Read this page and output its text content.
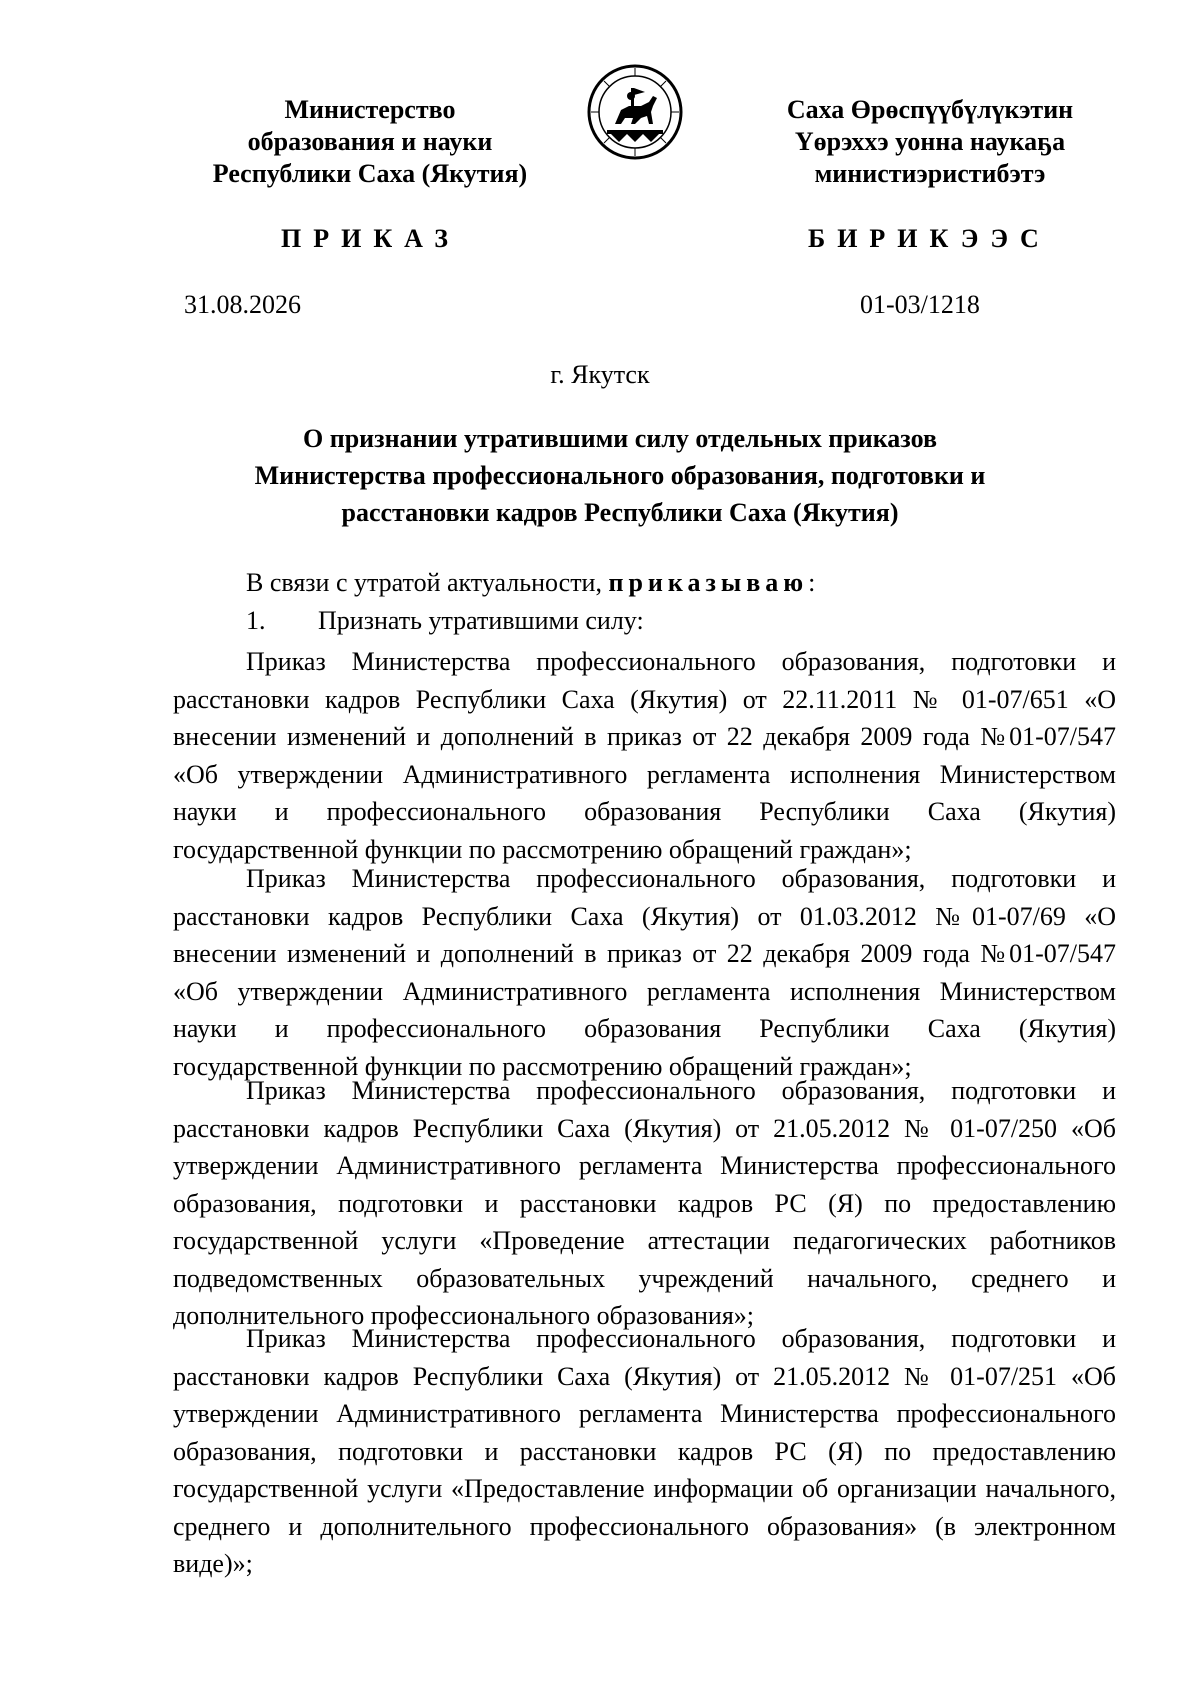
Министерство
образования и науки
Республики Саха (Якутия)
Саха Өрөспүүбүлүкэтин
Үөрэхxэ уонна наукаҕа
министиэристибэтэ
ПРИКАЗ	БИРИКЭЭС
31.08.2026	01-03/1218
г. Якутск
О признании утратившими силу отдельных приказов
Министерства профессионального образования, подготовки и
расстановки кадров Республики Саха (Якутия)
В связи с утратой актуальности, приказываю:
1. Признать утратившими силу:

Приказ Министерства профессионального образования, подготовки и расстановки кадров Республики Саха (Якутия) от 22.11.2011 № 01-07/651 «О внесении изменений и дополнений в приказ от 22 декабря 2009 года №01-07/547 «Об утверждении Административного регламента исполнения Министерством науки и профессионального образования Республики Саха (Якутия) государственной функции по рассмотрению обращений граждан»;

Приказ Министерства профессионального образования, подготовки и расстановки кадров Республики Саха (Якутия) от 01.03.2012 №01-07/69 «О внесении изменений и дополнений в приказ от 22 декабря 2009 года №01-07/547 «Об утверждении Административного регламента исполнения Министерством науки и профессионального образования Республики Саха (Якутия) государственной функции по рассмотрению обращений граждан»;

Приказ Министерства профессионального образования, подготовки и расстановки кадров Республики Саха (Якутия) от 21.05.2012 № 01-07/250 «Об утверждении Административного регламента Министерства профессионального образования, подготовки и расстановки кадров РС (Я) по предоставлению государственной услуги «Проведение аттестации педагогических работников подведомственных образовательных учреждений начального, среднего и дополнительного профессионального образования»;

Приказ Министерства профессионального образования, подготовки и расстановки кадров Республики Саха (Якутия) от 21.05.2012 № 01-07/251 «Об утверждении Административного регламента Министерства профессионального образования, подготовки и расстановки кадров РС (Я) по предоставлению государственной услуги «Предоставление информации об организации начального, среднего и дополнительного профессионального образования» (в электронном виде)»;
